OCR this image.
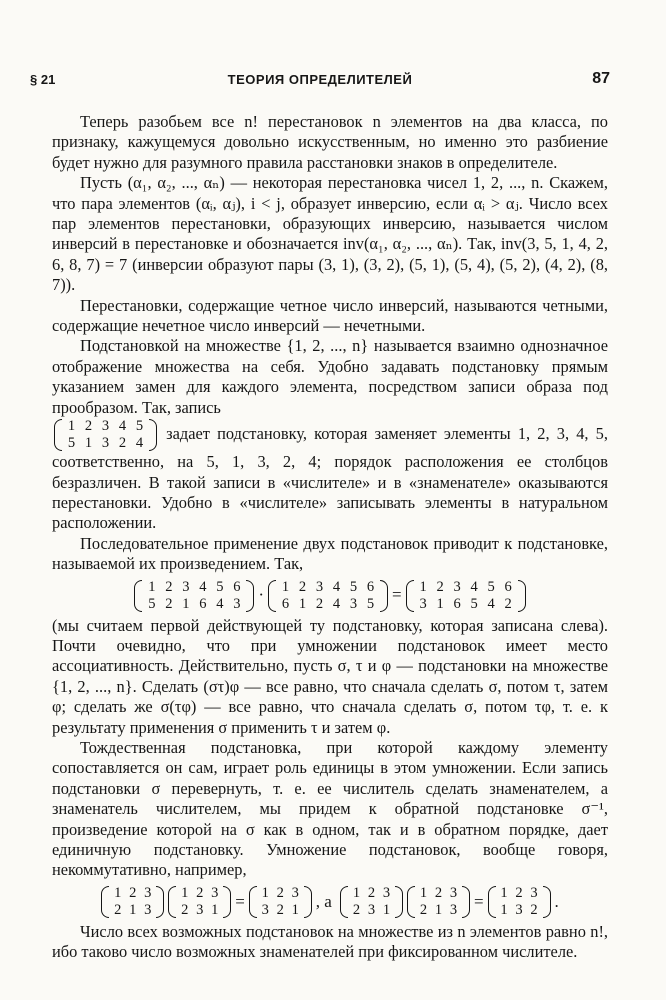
§ 21	ТЕОРИЯ ОПРЕДЕЛИТЕЛЕЙ	87

Теперь разобьем все n! перестановок n элементов на два класса, по признаку, кажущемуся довольно искусственным, но именно это разбиение будет нужно для разумного правила расстановки знаков в определителе.

Пусть (α₁, α₂, ..., αₙ) — некоторая перестановка чисел 1, 2, ..., n. Скажем, что пара элементов (αᵢ, αⱼ), i < j, образует инверсию, если αᵢ > αⱼ. Число всех пар элементов перестановки, образующих инверсию, называется числом инверсий в перестановке и обозначается inv(α₁, α₂, ..., αₙ). Так, inv(3, 5, 1, 4, 2, 6, 8, 7) = 7 (инверсии образуют пары (3, 1), (3, 2), (5, 1), (5, 4), (5, 2), (4, 2), (8, 7)).

Перестановки, содержащие четное число инверсий, называются четными, содержащие нечетное число инверсий — нечетными.

Подстановкой на множестве {1, 2, ..., n} называется взаимно однозначное отображение множества на себя. Удобно задавать подстановку прямым указанием замен для каждого элемента, посредством записи образа под прообразом. Так, запись

1 2 3 4 5
5 1 3 2 4
задает подстановку, которая заменяет элементы 1, 2, 3, 4, 5, соответственно, на 5, 1, 3, 2, 4; порядок расположения ее столбцов безразличен. В такой записи в «числителе» и в «знаменателе» оказываются перестановки. Удобно в «числителе» записывать элементы в натуральном расположении.

Последовательное применение двух подстановок приводит к подстановке, называемой их произведением. Так,

1 2 3 4 5 6
5 2 1 6 4 3 ·	1 2 3 4 5 6
6 1 2 4 3 5 =	1 2 3 4 5 6
3 1 6 5 4 2

(мы считаем первой действующей ту подстановку, которая записана слева). Почти очевидно, что при умножении подстановок имеет место ассоциативность. Действительно, пусть σ, τ и φ — подстановки на множестве {1, 2, ..., n}. Сделать (στ)φ — все равно, что сначала сделать σ, потом τ, затем φ; сделать же σ(τφ) — все равно, что сначала сделать σ, потом τφ, т. е. к результату применения σ применить τ и затем φ.

Тождественная подстановка, при которой каждому элементу сопоставляется он сам, играет роль единицы в этом умножении. Если запись подстановки σ перевернуть, т. е. ее числитель сделать знаменателем, а знаменатель числителем, мы придем к обратной подстановке σ⁻¹, произведение которой на σ как в одном, так и в обратном порядке, дает единичную подстановку. Умножение подстановок, вообще говоря, некоммутативно, например,

1 2 3
2 1 3
1 2 3
2 3 1 = 1 2 3
3 2 1 , а 1 2 3
2 3 1
1 2 3
2 1 3 = 1 2 3
1 3 2 .

Число всех возможных подстановок на множестве из n элементов равно n!, ибо таково число возможных знаменателей при фиксированном числителе.
